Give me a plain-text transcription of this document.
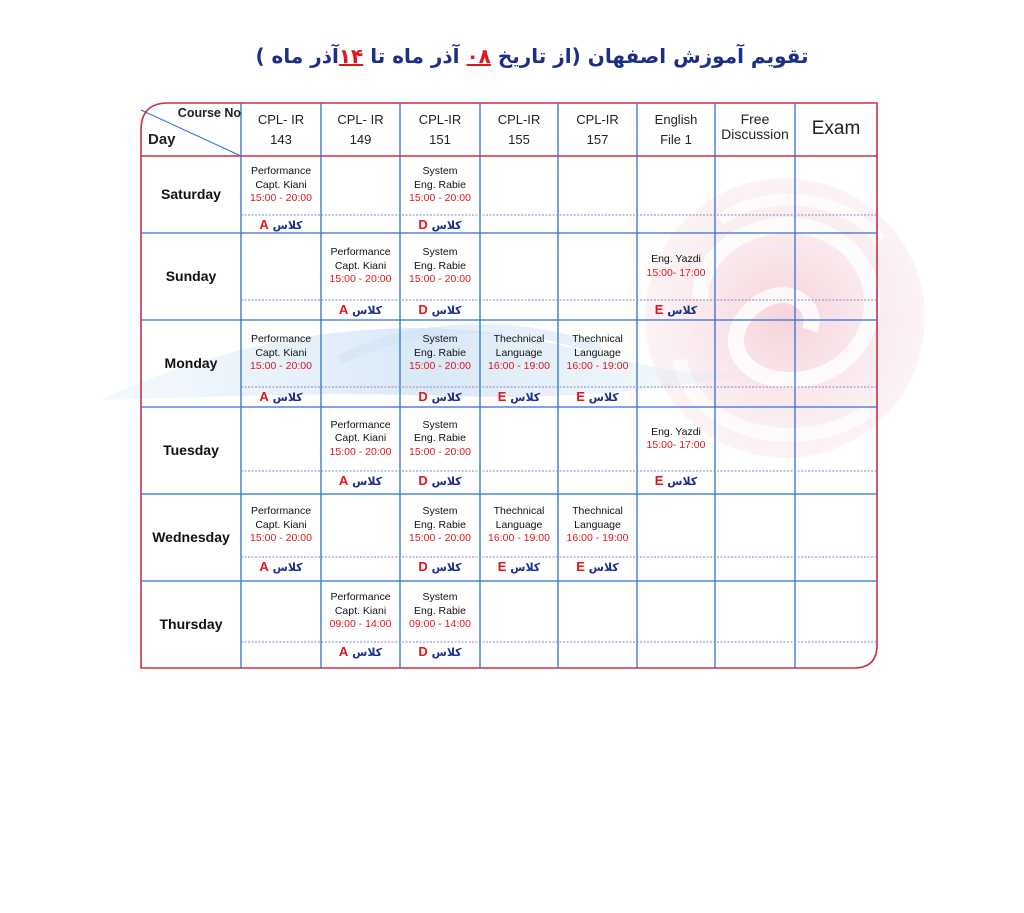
تقویم آموزش اصفهان (از تاریخ ۰۸ آذر ماه تا ۱۴آذر ماه )
Course No
Day
CPL- IR
143
CPL- IR
149
CPL-IR
151
CPL-IR
155
CPL-IR
157
English
File 1
Free
Discussion	Exam
Saturday
Performance
Capt. Kiani
15:00 - 20:00
کلاس A
System
Eng. Rabie
15:00 - 20:00
کلاس D
Sunday
Performance
Capt. Kiani
15:00 - 20:00
کلاس A
System
Eng. Rabie
15:00 - 20:00
کلاس D
Eng. Yazdi
15:00- 17:00
کلاس E
Monday
Performance
Capt. Kiani
15:00 - 20:00
کلاس A
System
Eng. Rabie
15:00 - 20:00
کلاس D
Thechnical
Language
16:00 - 19:00
کلاس E
Thechnical
Language
16:00 - 19:00
کلاس E
Tuesday
Performance
Capt. Kiani
15:00 - 20:00
کلاس A
System
Eng. Rabie
15:00 - 20:00
کلاس D
Eng. Yazdi
15:00- 17:00
کلاس E
Wednesday
Performance
Capt. Kiani
15:00 - 20:00
کلاس A
System
Eng. Rabie
15:00 - 20:00
کلاس D
Thechnical
Language
16:00 - 19:00
کلاس E
Thechnical
Language
16:00 - 19:00
کلاس E
Thursday
Performance
Capt. Kiani
09:00 - 14:00
کلاس A
System
Eng. Rabie
09:00 - 14:00
کلاس D
